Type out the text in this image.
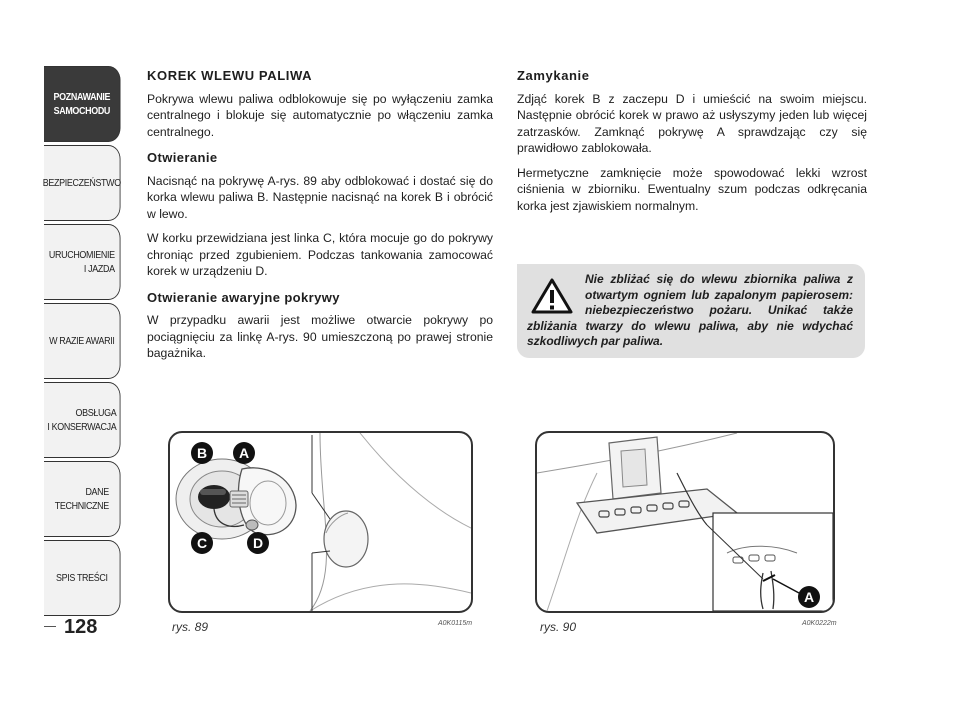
POZNAWANIE
SAMOCHODU
BEZPIECZEŃSTWO
URUCHOMIENIE
I JAZDA
W RAZIE AWARII
OBSŁUGA
I KONSERWACJA
DANE
TECHNICZNE
SPIS TREŚCI
128
KOREK WLEWU PALIWA

Pokrywa wlewu paliwa odblokowuje się po wyłączeniu zamka centralnego i blokuje się automatycznie po włączeniu zamka centralnego.

Otwieranie

Nacisnąć na pokrywę A-rys. 89 aby odblokować i dostać się do korka wlewu paliwa B. Następnie nacisnąć na korek B i obrócić w lewo.

W korku przewidziana jest linka C, która mocuje go do pokrywy chroniąc przed zgubieniem. Podczas tankowania zamocować korek w urządzeniu D.

Otwieranie awaryjne pokrywy

W przypadku awarii jest możliwe otwarcie pokrywy po pociągnięciu za linkę A-rys. 90 umieszczoną po prawej stronie bagażnika.

Zamykanie

Zdjąć korek B z zaczepu D i umieścić na swoim miejscu. Następnie obrócić korek w prawo aż usłyszymy jeden lub więcej zatrzasków. Zamknąć pokrywę A sprawdzając czy się prawidłowo zablokowała.

Hermetyczne zamknięcie może spowodować lekki wzrost ciśnienia w zbiorniku. Ewentualny szum podczas odkręcania korka jest zjawiskiem normalnym.

Nie zbliżać się do wlewu zbiornika paliwa z otwartym ogniem lub zapalonym papierosem: niebezpieczeństwo pożaru. Unikać także zbliżania twarzy do wlewu paliwa, aby nie wdychać szkodliwych par paliwa.

B A
C	D
rys. 89	A0K0115m
A
rys. 90	A0K0222m
